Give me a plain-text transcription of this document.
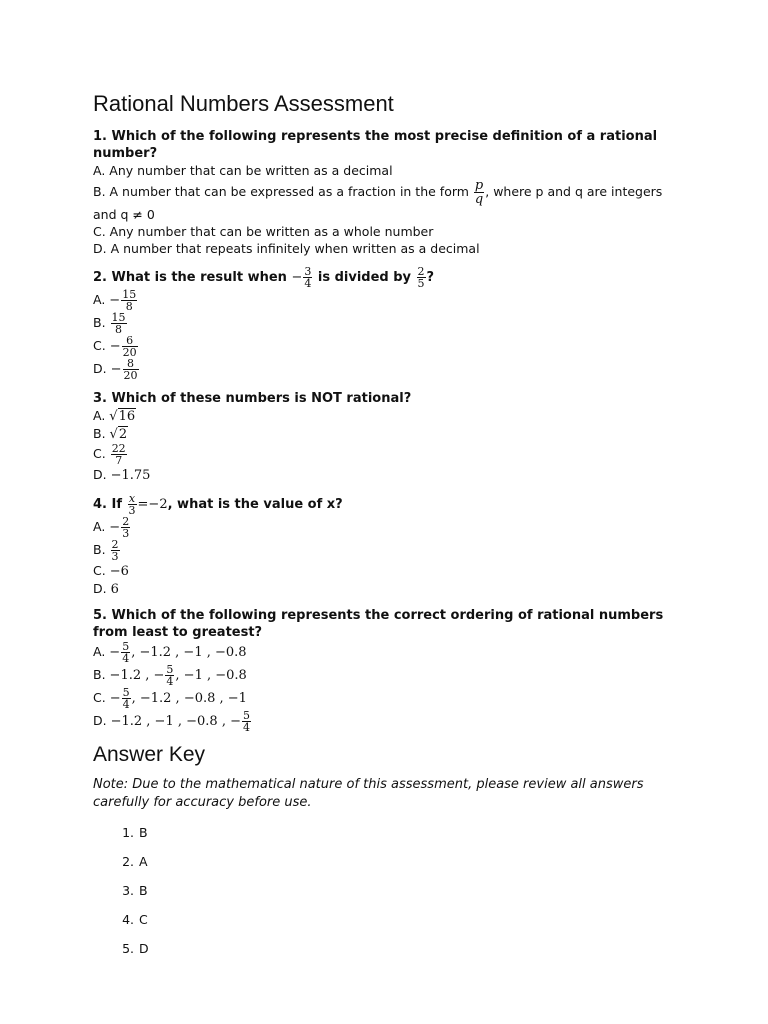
Rational Numbers Assessment

1. Which of the following represents the most precise definition of a rational number?

A. Any number that can be written as a decimal

B. A number that can be expressed as a fraction in the form $\frac{p}{q}$ , where p and q are integers and q ≠ 0

C. Any number that can be written as a whole number

D. A number that repeats infinitely when written as a decimal

2. What is the result when − $\frac{3}{4}$ is divided by $\frac{2}{5}$ ?

A. − $\frac{15}{8}$

B. $\frac{15}{8}$

C. − $\frac{6}{20}$

D. − $\frac{8}{20}$

3. Which of these numbers is NOT rational?

A. √16

B. √2

C. $\frac{22}{7}$

D. −1.75

4. If $\frac{x}{3} =-2$, what is the value of x?

A. − $\frac{2}{3}$

B. $\frac{2}{3}$

C. −6

D. 6

5. Which of the following represents the correct ordering of rational numbers from least to greatest?

A. − $\frac{5}{4}$ , −1.2 , −1 , −0.8

B. −1.2 , − $\frac{5}{4}$ , −1 , −0.8

C. − $\frac{5}{4}$ , −1.2 , −0.8 , −1

D. −1.2 , −1 , −0.8 , − $\frac{5}{4}$

Answer Key

Note: Due to the mathematical nature of this assessment, please review all answers carefully for accuracy before use.

1. B
2. A
3. B
4. C
5. D
